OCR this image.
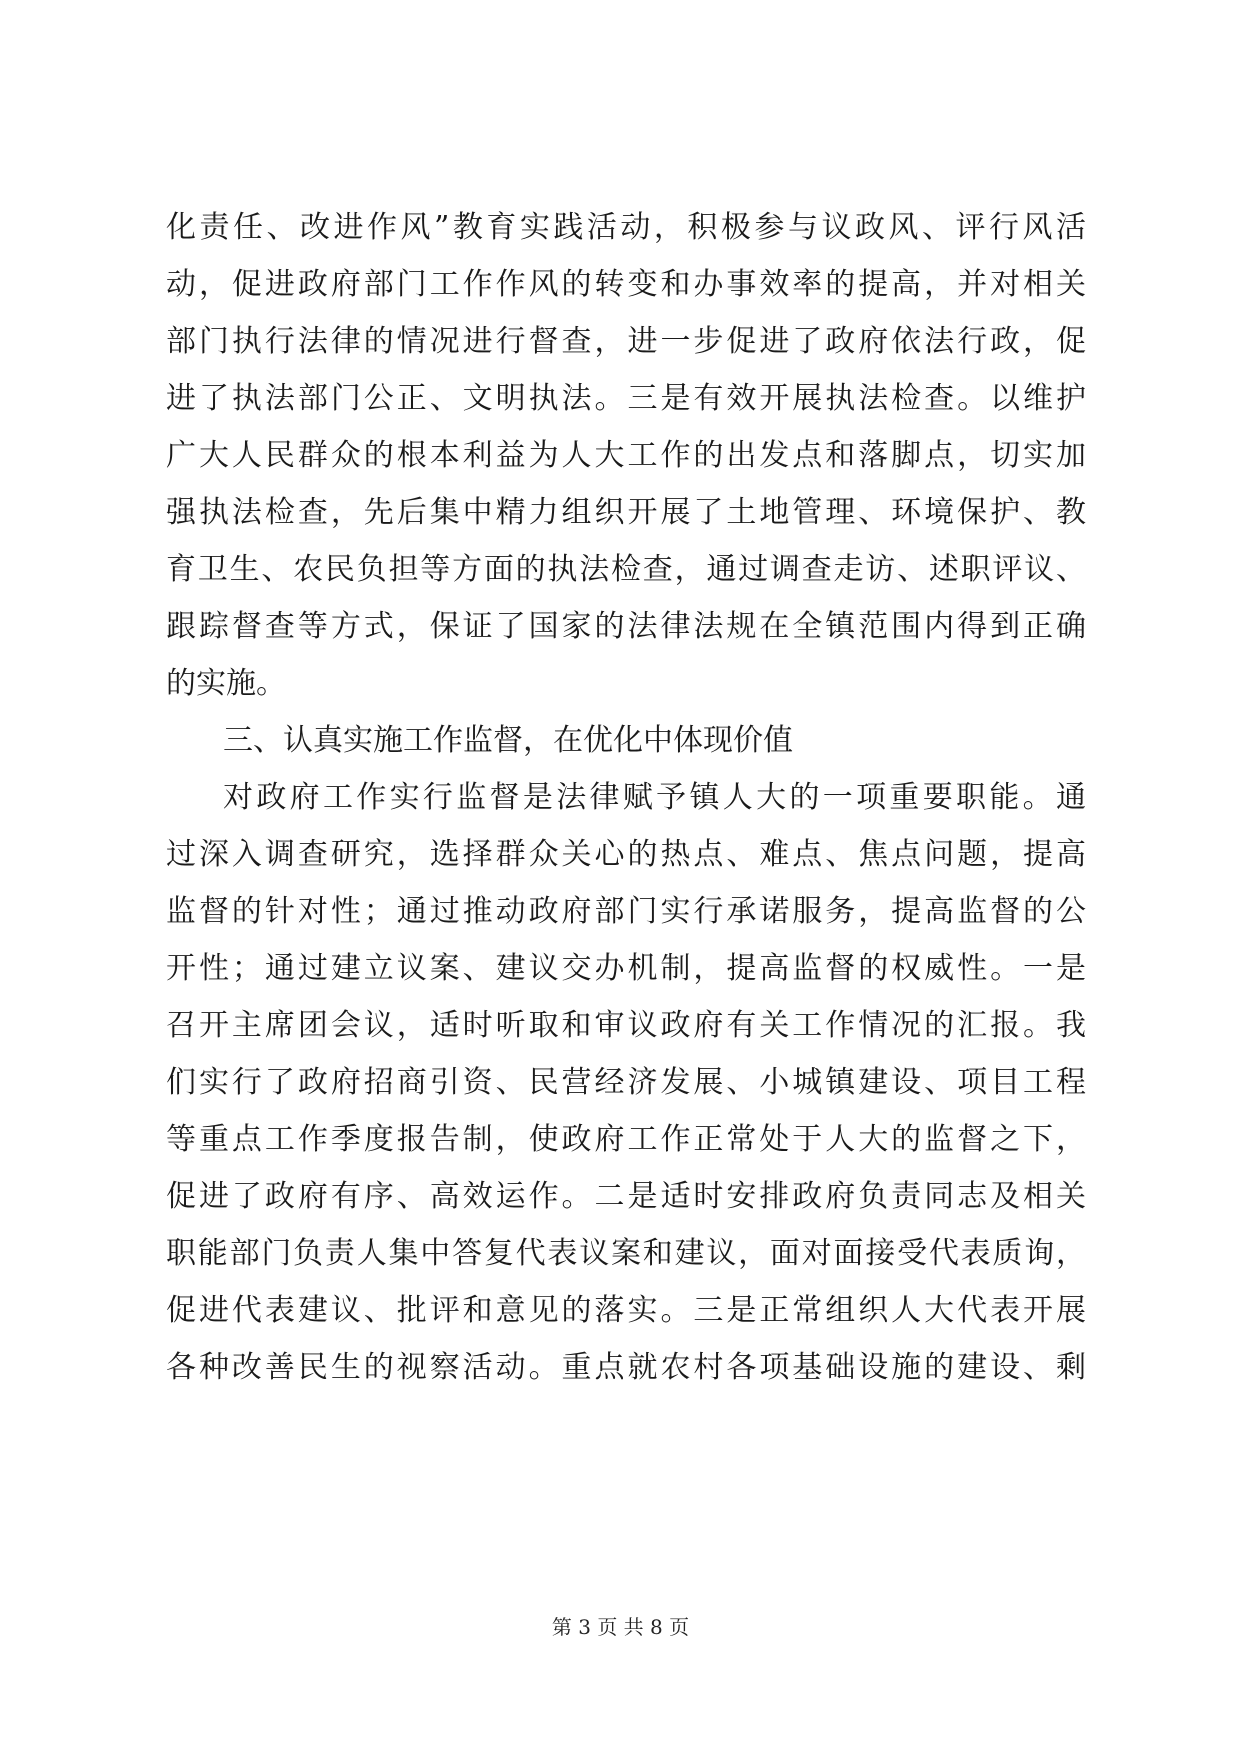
化责任、改进作风”教育实践活动，积极参与议政风、评行风活
动，促进政府部门工作作风的转变和办事效率的提高，并对相关
部门执行法律的情况进行督查，进一步促进了政府依法行政，促
进了执法部门公正、文明执法。三是有效开展执法检查。以维护
广大人民群众的根本利益为人大工作的出发点和落脚点，切实加
强执法检查，先后集中精力组织开展了土地管理、环境保护、教
育卫生、农民负担等方面的执法检查，通过调查走访、述职评议、
跟踪督查等方式，保证了国家的法律法规在全镇范围内得到正确
的实施。
三、认真实施工作监督，在优化中体现价值
对政府工作实行监督是法律赋予镇人大的一项重要职能。通
过深入调查研究，选择群众关心的热点、难点、焦点问题，提高
监督的针对性；通过推动政府部门实行承诺服务，提高监督的公
开性；通过建立议案、建议交办机制，提高监督的权威性。一是
召开主席团会议，适时听取和审议政府有关工作情况的汇报。我
们实行了政府招商引资、民营经济发展、小城镇建设、项目工程
等重点工作季度报告制，使政府工作正常处于人大的监督之下，
促进了政府有序、高效运作。二是适时安排政府负责同志及相关
职能部门负责人集中答复代表议案和建议，面对面接受代表质询，
促进代表建议、批评和意见的落实。三是正常组织人大代表开展
各种改善民生的视察活动。重点就农村各项基础设施的建设、剩
第 3 页 共 8 页
